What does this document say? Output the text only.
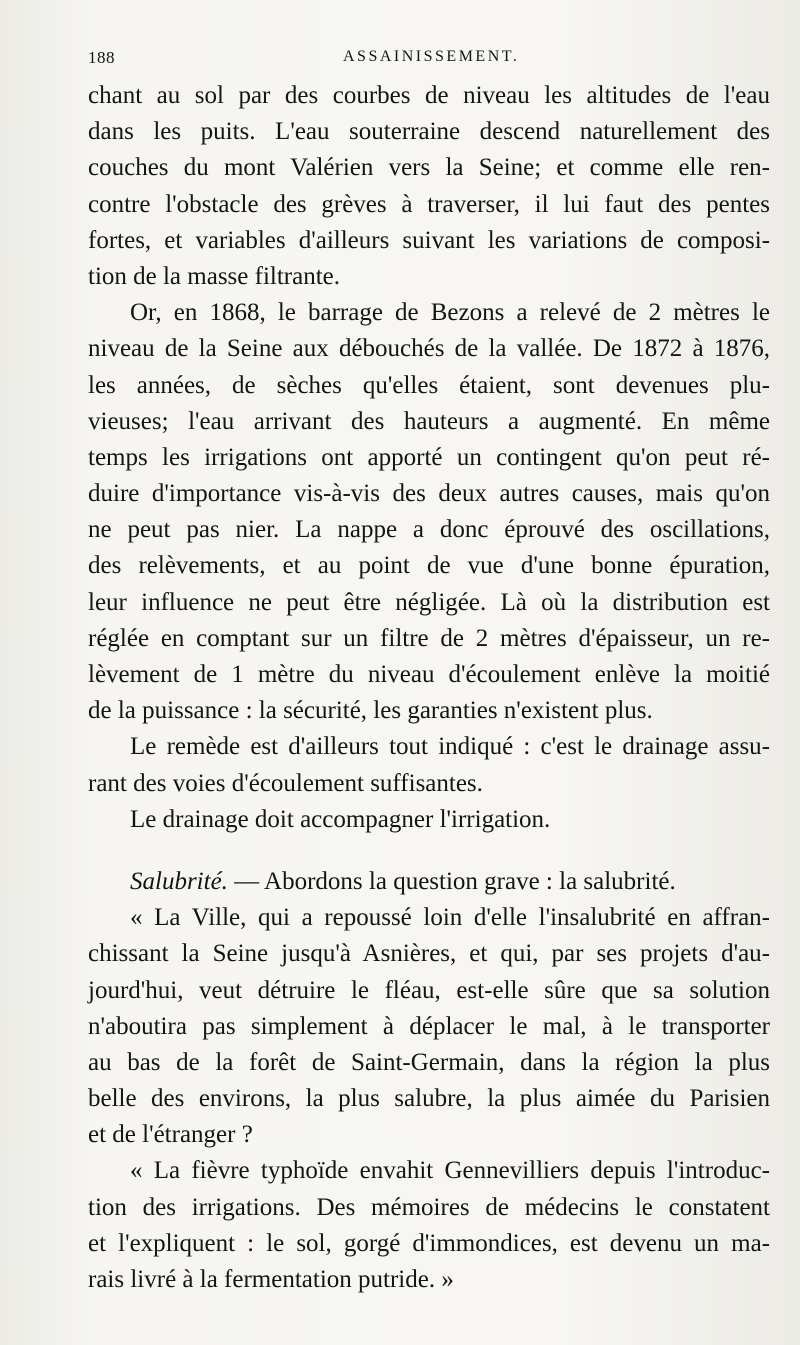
188	ASSAINISSEMENT.
chant au sol par des courbes de niveau les altitudes de l'eau
dans les puits. L'eau souterraine descend naturellement des
couches du mont Valérien vers la Seine; et comme elle ren-
contre l'obstacle des grèves à traverser, il lui faut des pentes
fortes, et variables d'ailleurs suivant les variations de composi-
tion de la masse filtrante.
Or, en 1868, le barrage de Bezons a relevé de 2 mètres le
niveau de la Seine aux débouchés de la vallée. De 1872 à 1876,
les années, de sèches qu'elles étaient, sont devenues plu-
vieuses; l'eau arrivant des hauteurs a augmenté. En même
temps les irrigations ont apporté un contingent qu'on peut ré-
duire d'importance vis-à-vis des deux autres causes, mais qu'on
ne peut pas nier. La nappe a donc éprouvé des oscillations,
des relèvements, et au point de vue d'une bonne épuration,
leur influence ne peut être négligée. Là où la distribution est
réglée en comptant sur un filtre de 2 mètres d'épaisseur, un re-
lèvement de 1 mètre du niveau d'écoulement enlève la moitié
de la puissance : la sécurité, les garanties n'existent plus.
Le remède est d'ailleurs tout indiqué : c'est le drainage assu-
rant des voies d'écoulement suffisantes.
Le drainage doit accompagner l'irrigation.
Salubrité. — Abordons la question grave : la salubrité.
« La Ville, qui a repoussé loin d'elle l'insalubrité en affran-
chissant la Seine jusqu'à Asnières, et qui, par ses projets d'au-
jourd'hui, veut détruire le fléau, est-elle sûre que sa solution
n'aboutira pas simplement à déplacer le mal, à le transporter
au bas de la forêt de Saint-Germain, dans la région la plus
belle des environs, la plus salubre, la plus aimée du Parisien
et de l'étranger ?
« La fièvre typhoïde envahit Gennevilliers depuis l'introduc-
tion des irrigations. Des mémoires de médecins le constatent
et l'expliquent : le sol, gorgé d'immondices, est devenu un ma-
rais livré à la fermentation putride. »
